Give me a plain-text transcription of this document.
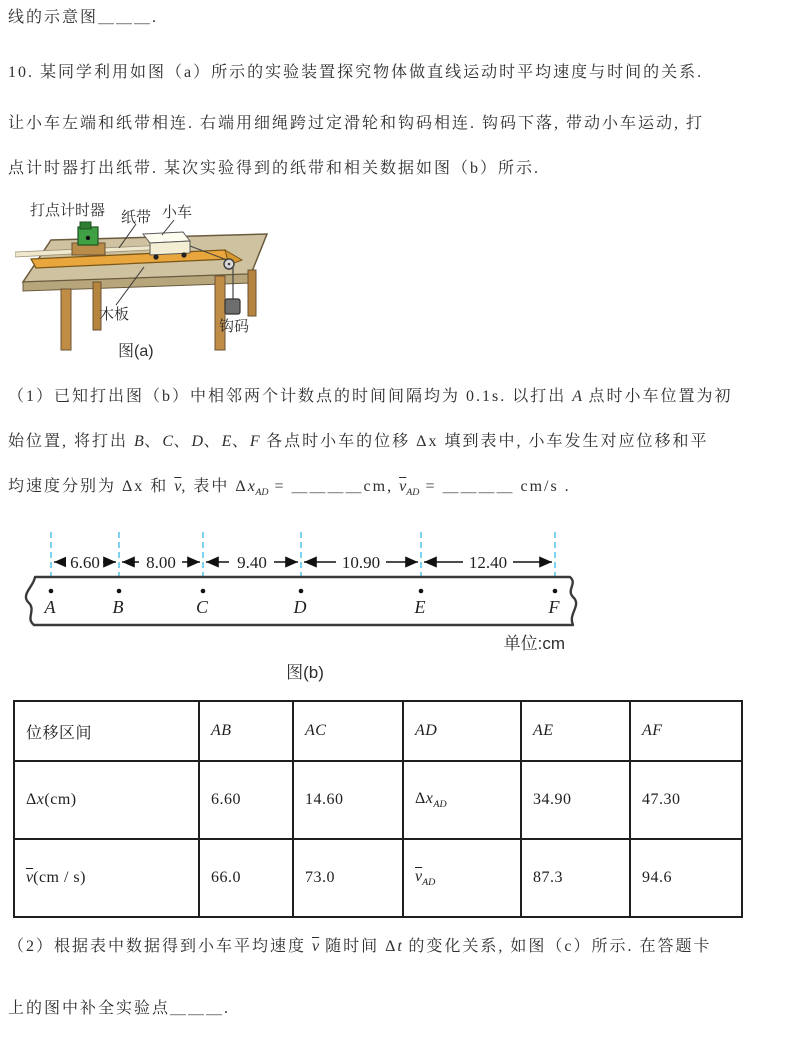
线的示意图＿＿＿.
10. 某同学利用如图（a）所示的实验装置探究物体做直线运动时平均速度与时间的关系.
让小车左端和纸带相连. 右端用细绳跨过定滑轮和钩码相连. 钩码下落, 带动小车运动, 打
点计时器打出纸带. 某次实验得到的纸带和相关数据如图（b）所示.
打点计时器 纸带 小车
木板
钩码
图(a)
（1）已知打出图（b）中相邻两个计数点的时间间隔均为 0.1s. 以打出 A 点时小车位置为初
始位置, 将打出 B、C、D、E、F 各点时小车的位移 Δx 填到表中, 小车发生对应位移和平
均速度分别为 Δx 和 $\overline{v}$, 表中 $\Delta x_{AD}$ = ＿＿＿＿cm, $\overline{v}_{AD}$ = ＿＿＿＿ cm/s .
6.60	8.00	9.40	10.90	12.40
A	B	C	D	E	F
单位:cm
图(b)
位移区间	AB	AC	AD	AE	AF
Δx(cm)	6.60	14.60	$\Delta x_{AD}$	34.90	47.30
$\overline{v}(cm / s)$	66.0	73.0	$\overline{v}_{AD}$	87.3	94.6
（2）根据表中数据得到小车平均速度 $\overline{v}$ 随时间 Δt 的变化关系, 如图（c）所示. 在答题卡
上的图中补全实验点＿＿＿.
